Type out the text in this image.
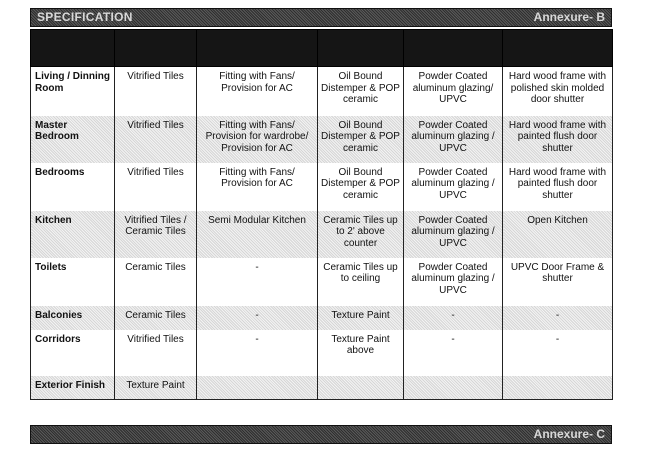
SPECIFICATION	Annexure- B

Living / Dinning Room	Vitrified Tiles	Fitting with Fans/ Provision for AC	Oil Bound Distemper & POP ceramic	Powder Coated aluminum glazing/ UPVC	Hard wood frame with polished skin molded door shutter
Master Bedroom	Vitrified Tiles	Fitting with Fans/ Provision for wardrobe/ Provision for AC	Oil Bound Distemper & POP ceramic	Powder Coated aluminum glazing / UPVC	Hard wood frame with painted flush door shutter
Bedrooms	Vitrified Tiles	Fitting with Fans/ Provision for AC	Oil Bound Distemper & POP ceramic	Powder Coated aluminum glazing / UPVC	Hard wood frame with painted flush door shutter
Kitchen	Vitrified Tiles / Ceramic Tiles	Semi Modular Kitchen	Ceramic Tiles up to 2' above counter	Powder Coated aluminum glazing / UPVC	Open Kitchen
Toilets	Ceramic Tiles	-	Ceramic Tiles up to ceiling	Powder Coated aluminum glazing / UPVC	UPVC Door Frame & shutter
Balconies	Ceramic Tiles	-	Texture Paint	-	-
Corridors	Vitrified Tiles	-	Texture Paint above	-	-
Exterior Finish	Texture Paint				
Annexure- C
